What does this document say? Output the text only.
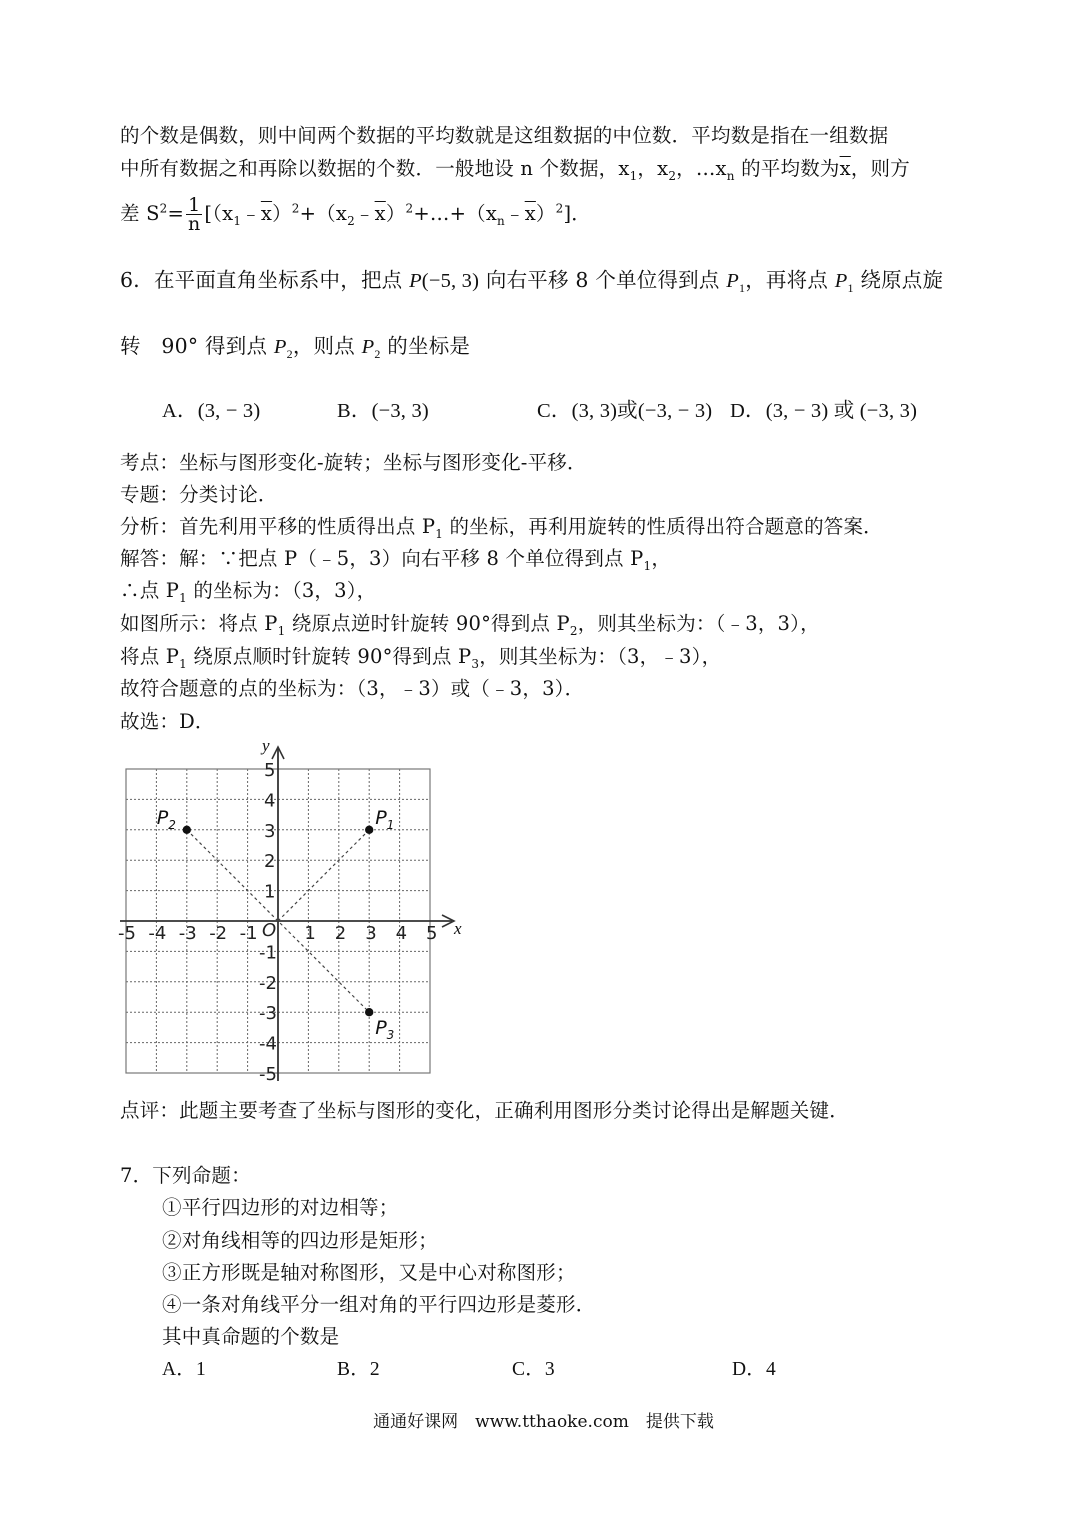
的个数是偶数，则中间两个数据的平均数就是这组数据的中位数．平均数是指在一组数据
中所有数据之和再除以数据的个数．一般地设 n 个数据，$x_1$，$x_2$，$\dots x_n$ 的平均数为$\overline{x}$，则方
差 $S^2= \frac{1}{n}$ $[(x_1﹣\overline{x})^2+(x_2﹣\overline{x})^2+\dots+(x_n﹣\overline{x})^2]$．
6．在平面直角坐标系中，把点 P(−5, 3) 向右平移 8 个单位得到点 $P_1$，再将点 $P_1$ 绕原点旋
转　90° 得到点 $P_2$，则点 $P_2$ 的坐标是
A．(3, − 3)	B．(−3, 3)	C．(3, 3)或(−3, − 3) D．(3, − 3) 或 (−3, 3)
考点：坐标与图形变化-旋转；坐标与图形变化-平移．
专题：分类讨论．
分析：首先利用平移的性质得出点 $P_1$ 的坐标，再利用旋转的性质得出符合题意的答案．
解答：解：∵把点 P（﹣5，3）向右平移 8 个单位得到点 $P_1$，
∴点 $P_1$ 的坐标为：（3，3），
如图所示：将点 $P_1$ 绕原点逆时针旋转 90°得到点 $P_2$，则其坐标为：（﹣3，3），
将点 $P_1$ 绕原点顺时针旋转 90°得到点 $P_3$，则其坐标为：（3，﹣3），
故符合题意的点的坐标为：（3，﹣3）或（﹣3，3）．
故选：D．
x
y
O
-5 -4 -3 -2 -1	1 2 3 4 5
5
4
3
2
1
-1
-2
-3
-4
-5
$P_1$
$P_2$
$P_3$
点评：此题主要考查了坐标与图形的变化，正确利用图形分类讨论得出是解题关键．
7．下列命题：
①平行四边形的对边相等；
②对角线相等的四边形是矩形；
③正方形既是轴对称图形，又是中心对称图形；
④一条对角线平分一组对角的平行四边形是菱形．
其中真命题的个数是
A．1	B．2	C．3	D．4
通通好课网　www.tthaoke.com　提供下载
